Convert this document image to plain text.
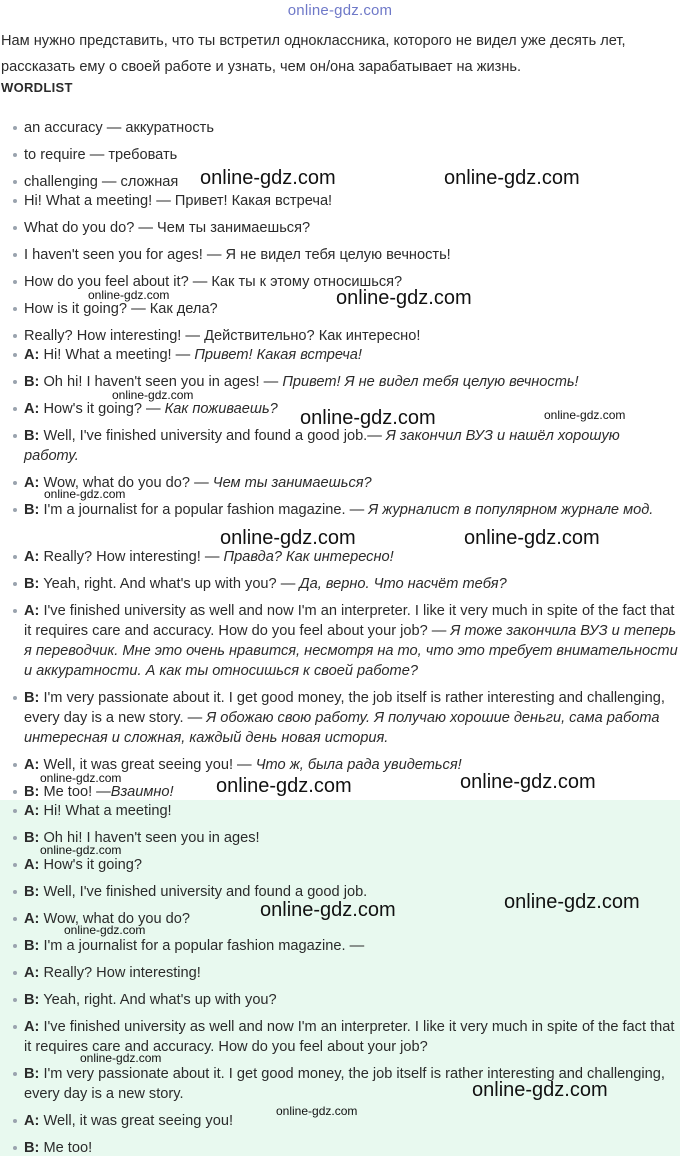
online-gdz.com
Нам нужно представить, что ты встретил одноклассника, которого не видел уже десять лет, рассказать ему о своей работе и узнать, чем он/она зарабатывает на жизнь.
WORDLIST
an accuracy — аккуратность
to require — требовать
challenging — сложная
Hi! What a meeting! — Привет! Какая встреча!
What do you do? — Чем ты занимаешься?
I haven't seen you for ages! — Я не видел тебя целую вечность!
How do you feel about it? — Как ты к этому относишься?
How is it going? — Как дела?
Really? How interesting! — Действительно? Как интересно!
A: Hi! What a meeting! — Привет! Какая встреча!
B: Oh hi! I haven't seen you in ages! — Привет! Я не видел тебя целую вечность!
A: How's it going? — Как поживаешь?
B: Well, I've finished university and found a good job.— Я закончил ВУЗ и нашёл хорошую работу.
A: Wow, what do you do? — Чем ты занимаешься?
B: I'm a journalist for a popular fashion magazine. — Я журналист в популярном журнале мод.
A: Really? How interesting! — Правда? Как интересно!
B: Yeah, right. And what's up with you? — Да, верно. Что насчёт тебя?
A: I've finished university as well and now I'm an interpreter. I like it very much in spite of the fact that it requires care and accuracy. How do you feel about your job? — Я тоже закончила ВУЗ и теперь я переводчик. Мне это очень нравится, несмотря на то, что это требует внимательности и аккуратности. А как ты относишься к своей работе?
B: I'm very passionate about it. I get good money, the job itself is rather interesting and challenging, every day is a new story. — Я обожаю свою работу. Я получаю хорошие деньги, сама работа интересная и сложная, каждый день новая история.
A: Well, it was great seeing you! — Что ж, была рада увидеться!
B: Me too! —Взаимно!
A: Hi! What a meeting!
B: Oh hi! I haven't seen you in ages!
A: How's it going?
B: Well, I've finished university and found a good job.
A: Wow, what do you do?
B: I'm a journalist for a popular fashion magazine. —
A: Really? How interesting!
B: Yeah, right. And what's up with you?
A: I've finished university as well and now I'm an interpreter. I like it very much in spite of the fact that it requires care and accuracy. How do you feel about your job?
B: I'm very passionate about it. I get good money, the job itself is rather interesting and challenging, every day is a new story.
A: Well, it was great seeing you!
B: Me too!
online-gdz.com	online-gdz.com
online-gdz.com	online-gdz.com
online-gdz.com
online-gdz.com	online-gdz.com
online-gdz.com
online-gdz.com	online-gdz.com
online-gdz.com	online-gdz.com	online-gdz.com
online-gdz.com
online-gdz.com	online-gdz.com
online-gdz.com
online-gdz.com
online-gdz.com
online-gdz.com
